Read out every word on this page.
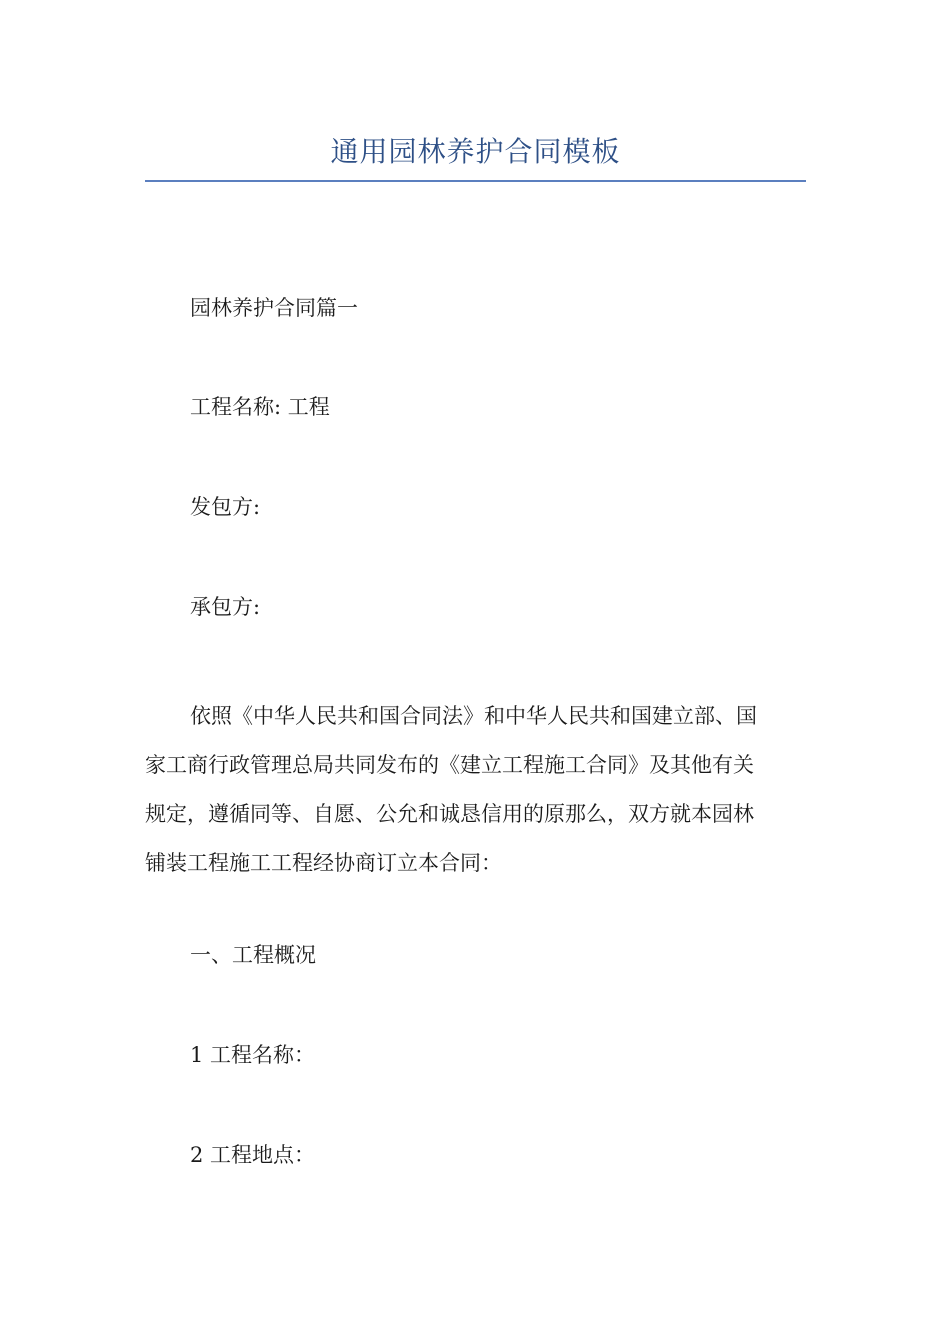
通用园林养护合同模板
园林养护合同篇一
工程名称: 工程
发包方:
承包方:
依照《中华人民共和国合同法》和中华人民共和国建立部、国
家工商行政管理总局共同发布的《建立工程施工合同》及其他有关
规定，遵循同等、自愿、公允和诚恳信用的原那么，双方就本园林
铺装工程施工工程经协商订立本合同：
一、工程概况
1 工程名称：
2 工程地点：
